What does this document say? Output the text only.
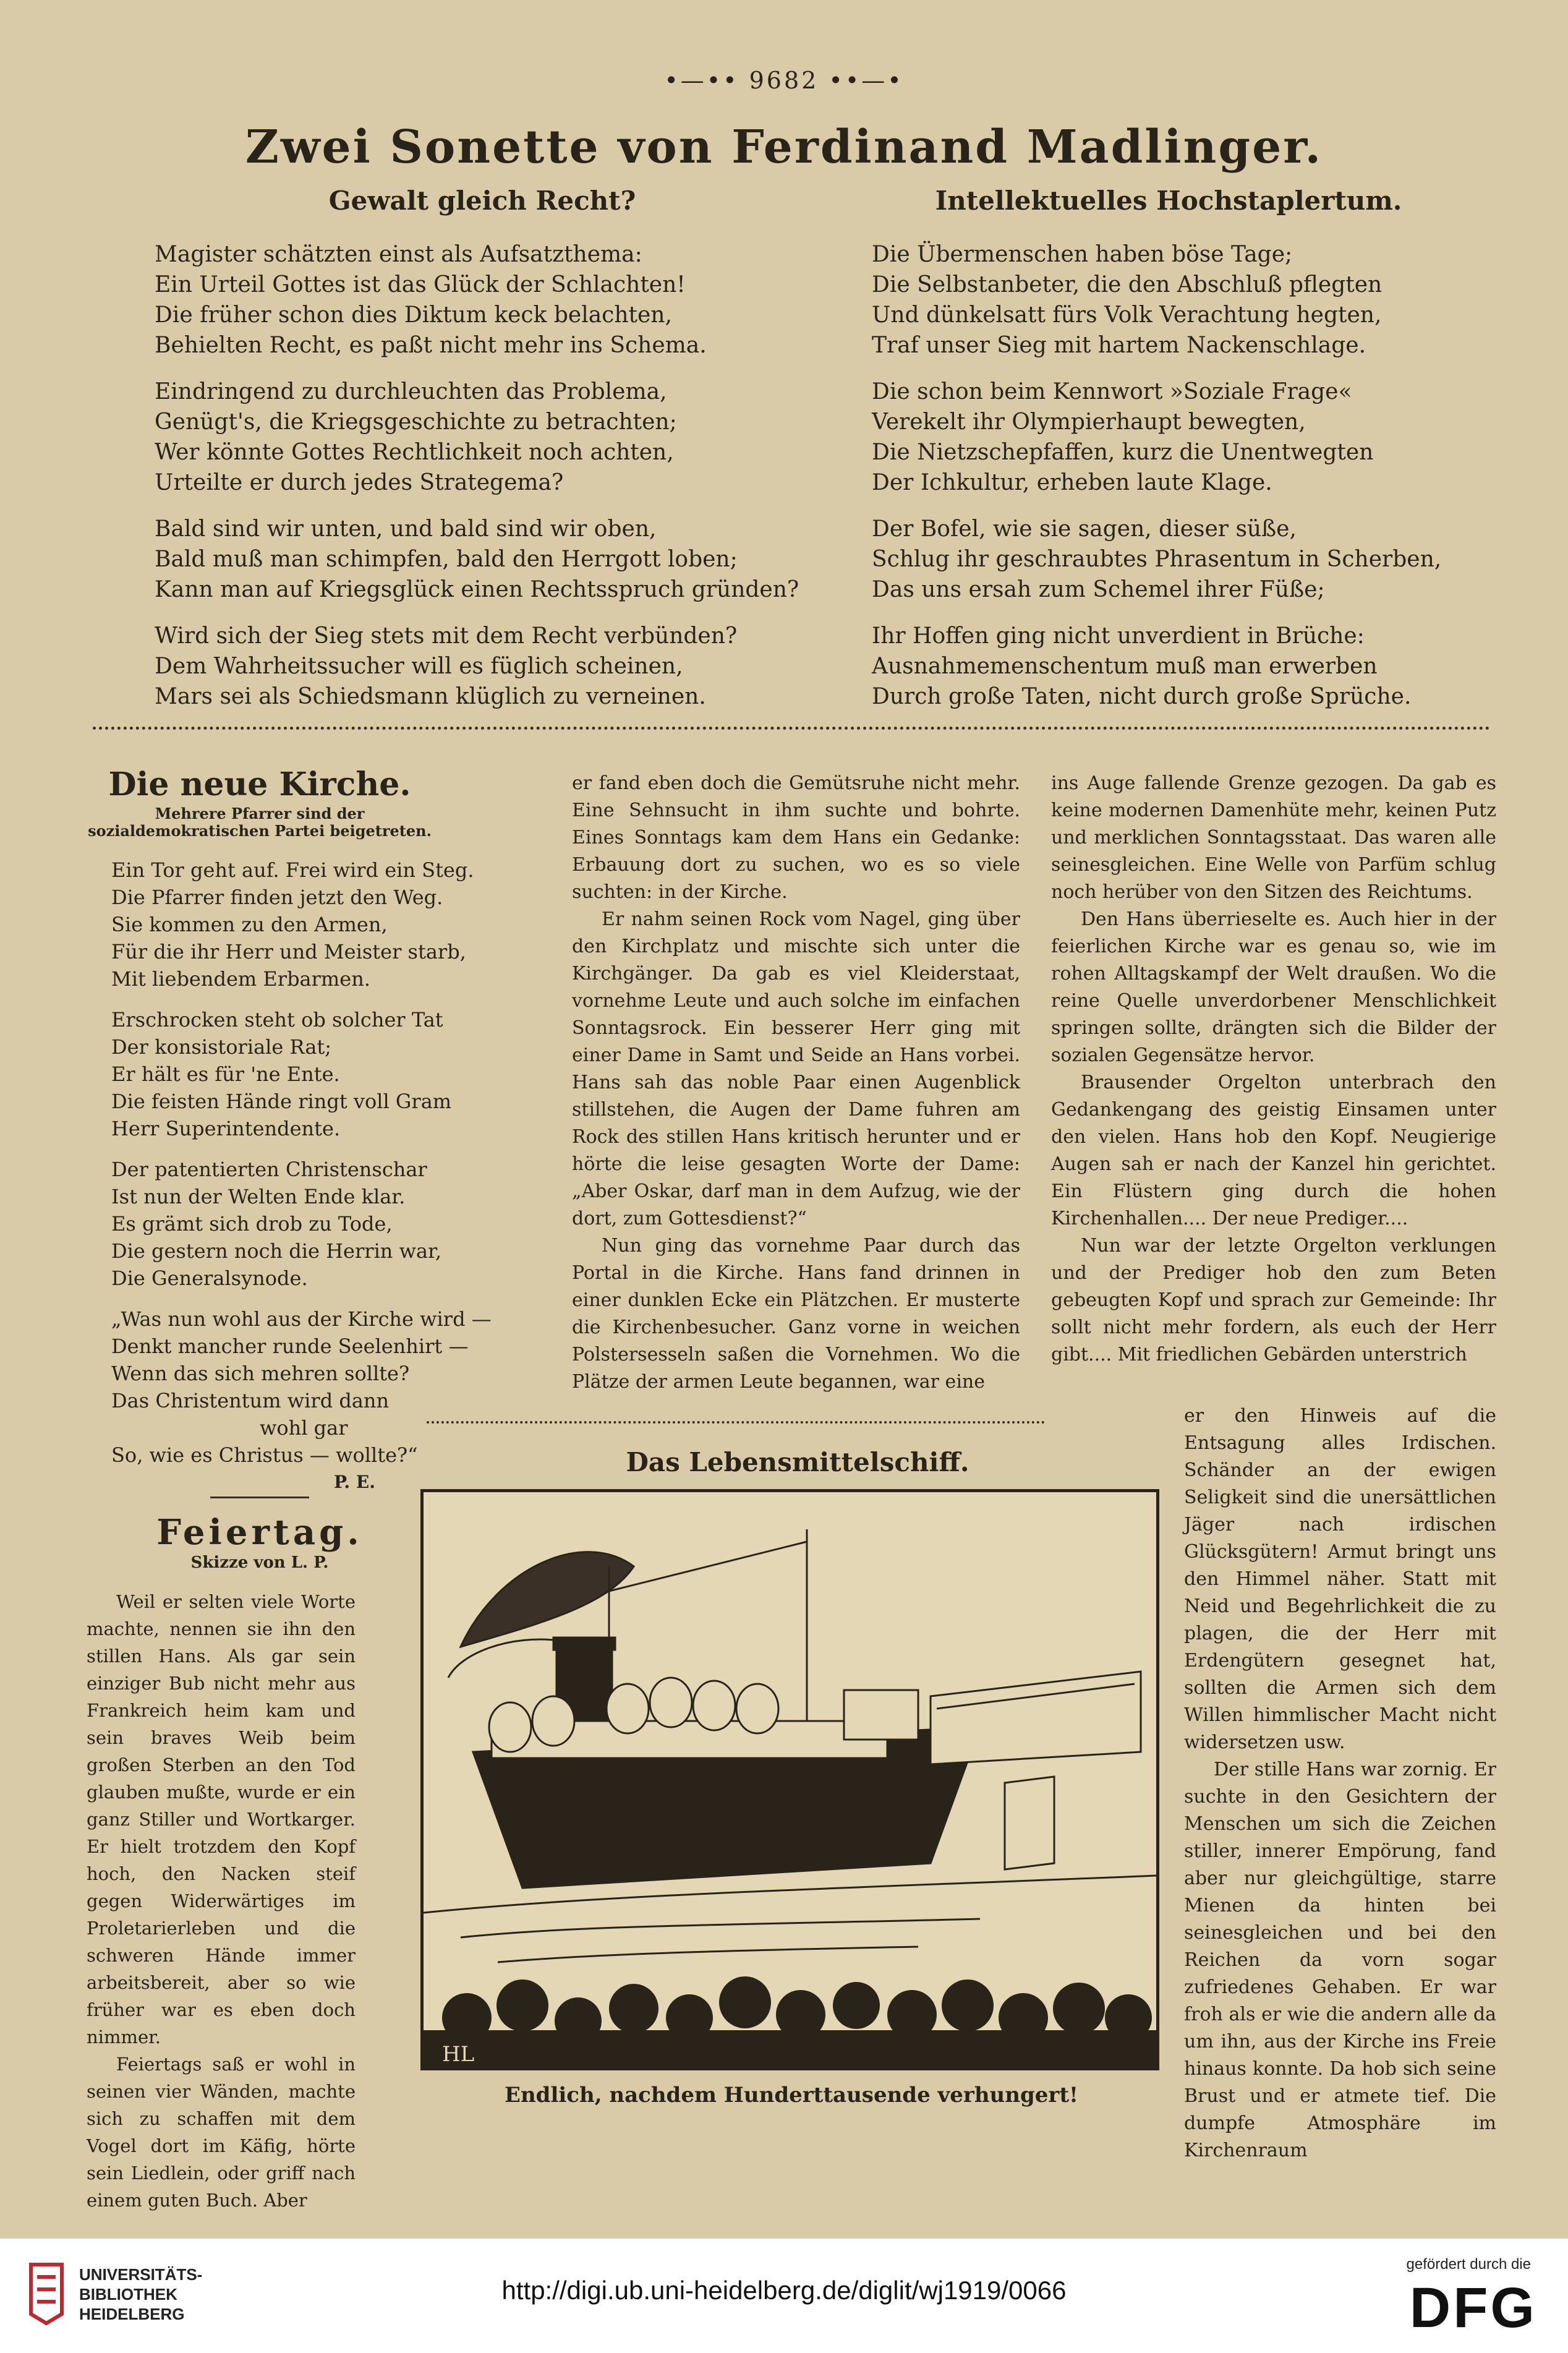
•—•• 9682 ••—•
Zwei Sonette von Ferdinand Madlinger.
Gewalt gleich Recht?
Magister schätzten einst als Aufsatzthema:
Ein Urteil Gottes ist das Glück der Schlachten!
Die früher schon dies Diktum keck belachten,
Behielten Recht, es paßt nicht mehr ins Schema.
Eindringend zu durchleuchten das Problema,
Genügt's, die Kriegsgeschichte zu betrachten;
Wer könnte Gottes Rechtlichkeit noch achten,
Urteilte er durch jedes Strategema?
Bald sind wir unten, und bald sind wir oben,
Bald muß man schimpfen, bald den Herrgott loben;
Kann man auf Kriegsglück einen Rechtsspruch gründen?
Wird sich der Sieg stets mit dem Recht verbünden?
Dem Wahrheitssucher will es füglich scheinen,
Mars sei als Schiedsmann klüglich zu verneinen.
Intellektuelles Hochstaplertum.
Die Übermenschen haben böse Tage;
Die Selbstanbeter, die den Abschluß pflegten
Und dünkelsatt fürs Volk Verachtung hegten,
Traf unser Sieg mit hartem Nackenschlage.
Die schon beim Kennwort »Soziale Frage«
Verekelt ihr Olympierhaupt bewegten,
Die Nietzschepfaffen, kurz die Unentwegten
Der Ichkultur, erheben laute Klage.
Der Bofel, wie sie sagen, dieser süße,
Schlug ihr geschraubtes Phrasentum in Scherben,
Das uns ersah zum Schemel ihrer Füße;
Ihr Hoffen ging nicht unverdient in Brüche:
Ausnahmemenschentum muß man erwerben
Durch große Taten, nicht durch große Sprüche.
Die neue Kirche.
Mehrere Pfarrer sind der sozialdemokratischen Partei beigetreten.
Ein Tor geht auf. Frei wird ein Steg.
Die Pfarrer finden jetzt den Weg.
Sie kommen zu den Armen,
Für die ihr Herr und Meister starb,
Mit liebendem Erbarmen.
Erschrocken steht ob solcher Tat
Der konsistoriale Rat;
Er hält es für 'ne Ente.
Die feisten Hände ringt voll Gram
Herr Superintendente.
Der patentierten Christenschar
Ist nun der Welten Ende klar.
Es grämt sich drob zu Tode,
Die gestern noch die Herrin war,
Die Generalsynode.
„Was nun wohl aus der Kirche wird —
Denkt mancher runde Seelenhirt —
Wenn das sich mehren sollte?
Das Christentum wird dann
wohl gar
So, wie es Christus — wollte?“
P. E.
Feiertag.
Skizze von L. P.

Weil er selten viele Worte machte, nennen sie ihn den stillen Hans. Als gar sein einziger Bub nicht mehr aus Frankreich heim kam und sein braves Weib beim großen Sterben an den Tod glauben mußte, wurde er ein ganz Stiller und Wortkarger. Er hielt trotzdem den Kopf hoch, den Nacken steif gegen Widerwärtiges im Proletarierleben und die schweren Hände immer arbeitsbereit, aber so wie früher war es eben doch nimmer.

Feiertags saß er wohl in seinen vier Wänden, machte sich zu schaffen mit dem Vogel dort im Käfig, hörte sein Liedlein, oder griff nach einem guten Buch. Aber

er fand eben doch die Gemütsruhe nicht mehr. Eine Sehnsucht in ihm suchte und bohrte. Eines Sonntags kam dem Hans ein Gedanke: Erbauung dort zu suchen, wo es so viele suchten: in der Kirche.

Er nahm seinen Rock vom Nagel, ging über den Kirchplatz und mischte sich unter die Kirchgänger. Da gab es viel Kleiderstaat, vornehme Leute und auch solche im einfachen Sonntagsrock. Ein besserer Herr ging mit einer Dame in Samt und Seide an Hans vorbei. Hans sah das noble Paar einen Augenblick stillstehen, die Augen der Dame fuhren am Rock des stillen Hans kritisch herunter und er hörte die leise gesagten Worte der Dame: „Aber Oskar, darf man in dem Aufzug, wie der dort, zum Gottesdienst?“

Nun ging das vornehme Paar durch das Portal in die Kirche. Hans fand drinnen in einer dunklen Ecke ein Plätzchen. Er musterte die Kirchenbesucher. Ganz vorne in weichen Polstersesseln saßen die Vornehmen. Wo die Plätze der armen Leute begannen, war eine

ins Auge fallende Grenze gezogen. Da gab es keine modernen Damenhüte mehr, keinen Putz und merklichen Sonntagsstaat. Das waren alle seinesgleichen. Eine Welle von Parfüm schlug noch herüber von den Sitzen des Reichtums.

Den Hans überrieselte es. Auch hier in der feierlichen Kirche war es genau so, wie im rohen Alltagskampf der Welt draußen. Wo die reine Quelle unverdorbener Menschlichkeit springen sollte, drängten sich die Bilder der sozialen Gegensätze hervor.

Brausender Orgelton unterbrach den Gedankengang des geistig Einsamen unter den vielen. Hans hob den Kopf. Neugierige Augen sah er nach der Kanzel hin gerichtet. Ein Flüstern ging durch die hohen Kirchenhallen.... Der neue Prediger....

Nun war der letzte Orgelton verklungen und der Prediger hob den zum Beten gebeugten Kopf und sprach zur Gemeinde: Ihr sollt nicht mehr fordern, als euch der Herr gibt.... Mit friedlichen Gebärden unterstrich

er den Hinweis auf die Entsagung alles Irdischen. Schänder an der ewigen Seligkeit sind die unersättlichen Jäger nach irdischen Glücksgütern! Armut bringt uns den Himmel näher. Statt mit Neid und Begehrlichkeit die zu plagen, die der Herr mit Erdengütern gesegnet hat, sollten die Armen sich dem Willen himmlischer Macht nicht widersetzen usw.

Der stille Hans war zornig. Er suchte in den Gesichtern der Menschen um sich die Zeichen stiller, innerer Empörung, fand aber nur gleichgültige, starre Mienen da hinten bei seinesgleichen und bei den Reichen da vorn sogar zufriedenes Gehaben. Er war froh als er wie die andern alle da um ihn, aus der Kirche ins Freie hinaus konnte. Da hob sich seine Brust und er atmete tief. Die dumpfe Atmosphäre im Kirchenraum

Das Lebensmittelschiff.
HL
Endlich, nachdem Hunderttausende verhungert!
UNIVERSITÄTS-
BIBLIOTHEK
HEIDELBERG
http://digi.ub.uni-heidelberg.de/diglit/wj1919/0066
gefördert durch die
DFG
